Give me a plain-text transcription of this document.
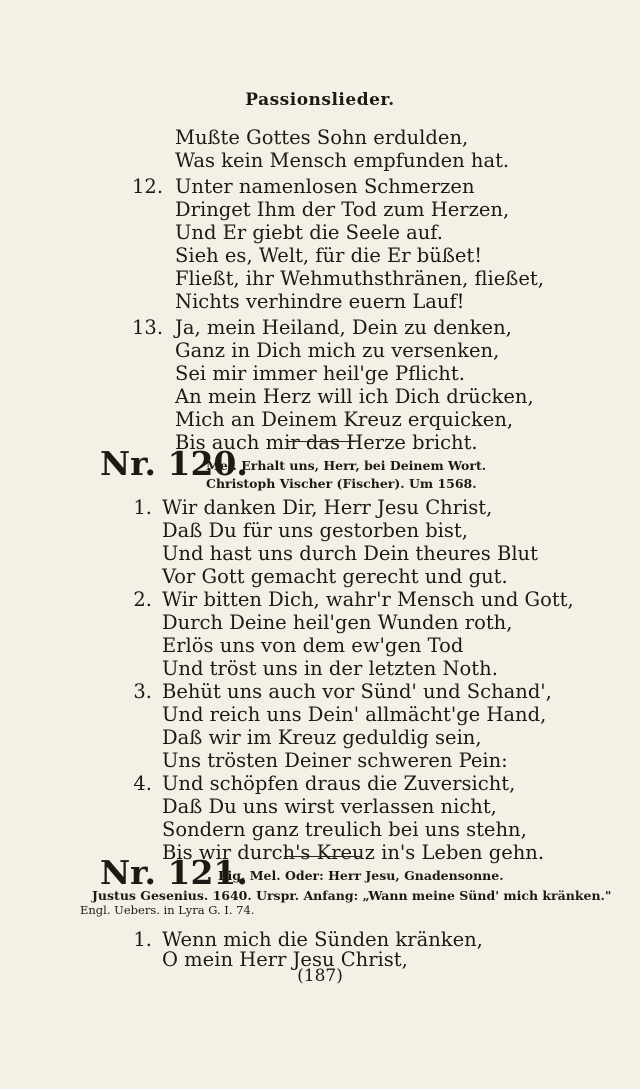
Passionslieder.
Mußte Gottes Sohn erdulden,
Was kein Mensch empfunden hat.
12. Unter namenlosen Schmerzen
Dringet Ihm der Tod zum Herzen,
Und Er giebt die Seele auf.
Sieh es, Welt, für die Er büßet!
Fließt, ihr Wehmuthsthränen, fließet,
Nichts verhindre euern Lauf!
13. Ja, mein Heiland, Dein zu denken,
Ganz in Dich mich zu versenken,
Sei mir immer heil'ge Pflicht.
An mein Herz will ich Dich drücken,
Mich an Deinem Kreuz erquicken,
Bis auch mir das Herze bricht.
Nr. 120.
Mel. Erhalt uns, Herr, bei Deinem Wort.
Christoph Vischer (Fischer). Um 1568.
1. Wir danken Dir, Herr Jesu Christ,
Daß Du für uns gestorben bist,
Und hast uns durch Dein theures Blut
Vor Gott gemacht gerecht und gut.
2. Wir bitten Dich, wahr'r Mensch und Gott,
Durch Deine heil'gen Wunden roth,
Erlös uns von dem ew'gen Tod
Und tröst uns in der letzten Noth.
3. Behüt uns auch vor Sünd' und Schand',
Und reich uns Dein' allmächt'ge Hand,
Daß wir im Kreuz geduldig sein,
Uns trösten Deiner schweren Pein:
4. Und schöpfen draus die Zuversicht,
Daß Du uns wirst verlassen nicht,
Sondern ganz treulich bei uns stehn,
Bis wir durch's Kreuz in's Leben gehn.
Nr. 121.
Eig. Mel. Oder: Herr Jesu, Gnadensonne.
Justus Gesenius. 1640. Urspr. Anfang: „Wann meine Sünd' mich kränken."
Engl. Uebers. in Lyra G. I. 74.
1. Wenn mich die Sünden kränken,
O mein Herr Jesu Christ,
(187)
